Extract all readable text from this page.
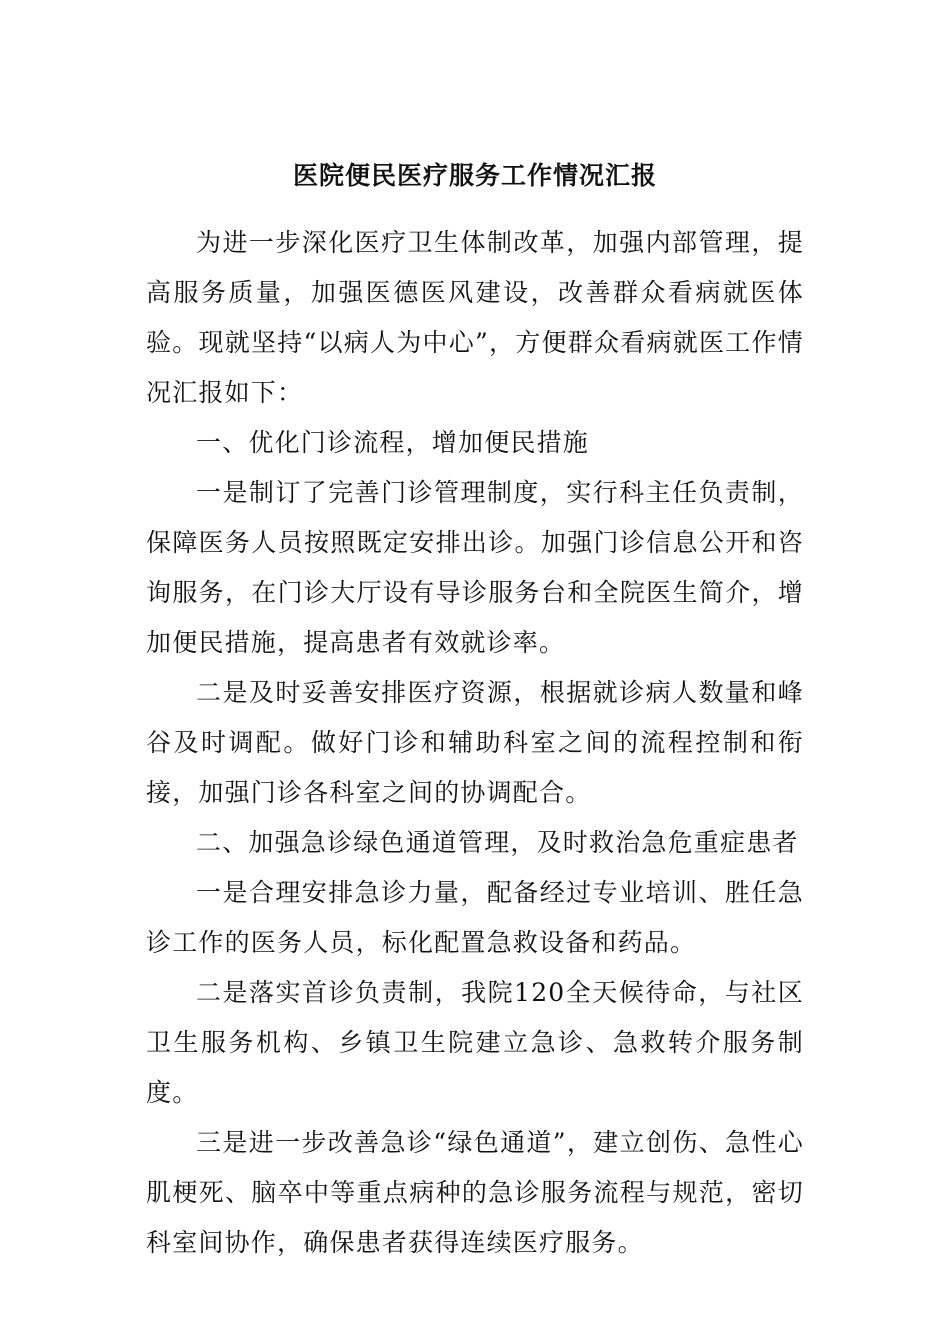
医院便民医疗服务工作情况汇报

为进一步深化医疗卫生体制改革，加强内部管理，提高服务质量，加强医德医风建设，改善群众看病就医体验。现就坚持“以病人为中心”，方便群众看病就医工作情况汇报如下：

一、优化门诊流程，增加便民措施

一是制订了完善门诊管理制度，实行科主任负责制，保障医务人员按照既定安排出诊。加强门诊信息公开和咨询服务，在门诊大厅设有导诊服务台和全院医生简介，增加便民措施，提高患者有效就诊率。

二是及时妥善安排医疗资源，根据就诊病人数量和峰谷及时调配。做好门诊和辅助科室之间的流程控制和衔接，加强门诊各科室之间的协调配合。

二、加强急诊绿色通道管理，及时救治急危重症患者

一是合理安排急诊力量，配备经过专业培训、胜任急诊工作的医务人员，标化配置急救设备和药品。

二是落实首诊负责制，我院120全天候待命，与社区卫生服务机构、乡镇卫生院建立急诊、急救转介服务制度。

三是进一步改善急诊“绿色通道”，建立创伤、急性心肌梗死、脑卒中等重点病种的急诊服务流程与规范，密切科室间协作，确保患者获得连续医疗服务。
